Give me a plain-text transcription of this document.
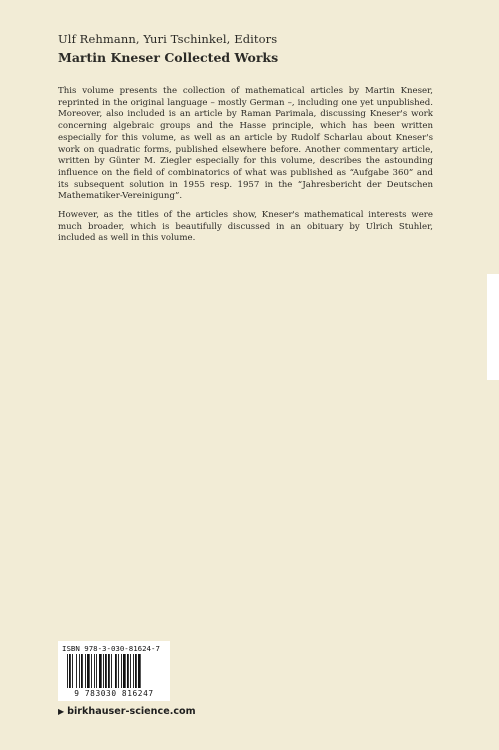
Ulf Rehmann, Yuri Tschinkel, Editors
Martin Kneser Collected Works

This volume presents the collection of mathematical articles by Martin Kneser, reprinted in the original language – mostly German –, including one yet unpublished. Moreover, also included is an article by Raman Parimala, discussing Kneser's work concerning algebraic groups and the Hasse principle, which has been written especially for this volume, as well as an article by Rudolf Scharlau about Kneser's work on quadratic forms, published elsewhere before. Another commentary article, written by Günter M. Ziegler especially for this volume, describes the astounding influence on the field of combinatorics of what was published as “Aufgabe 360” and its subsequent solution in 1955 resp. 1957 in the “Jahresbericht der Deutschen Mathematiker-Vereinigung”.

However, as the titles of the articles show, Kneser's mathematical interests were much broader, which is beautifully discussed in an obituary by Ulrich Stuhler, included as well in this volume.

ISBN 978-3-030-81624-7
9 783030 816247
▶ birkhauser-science.com
